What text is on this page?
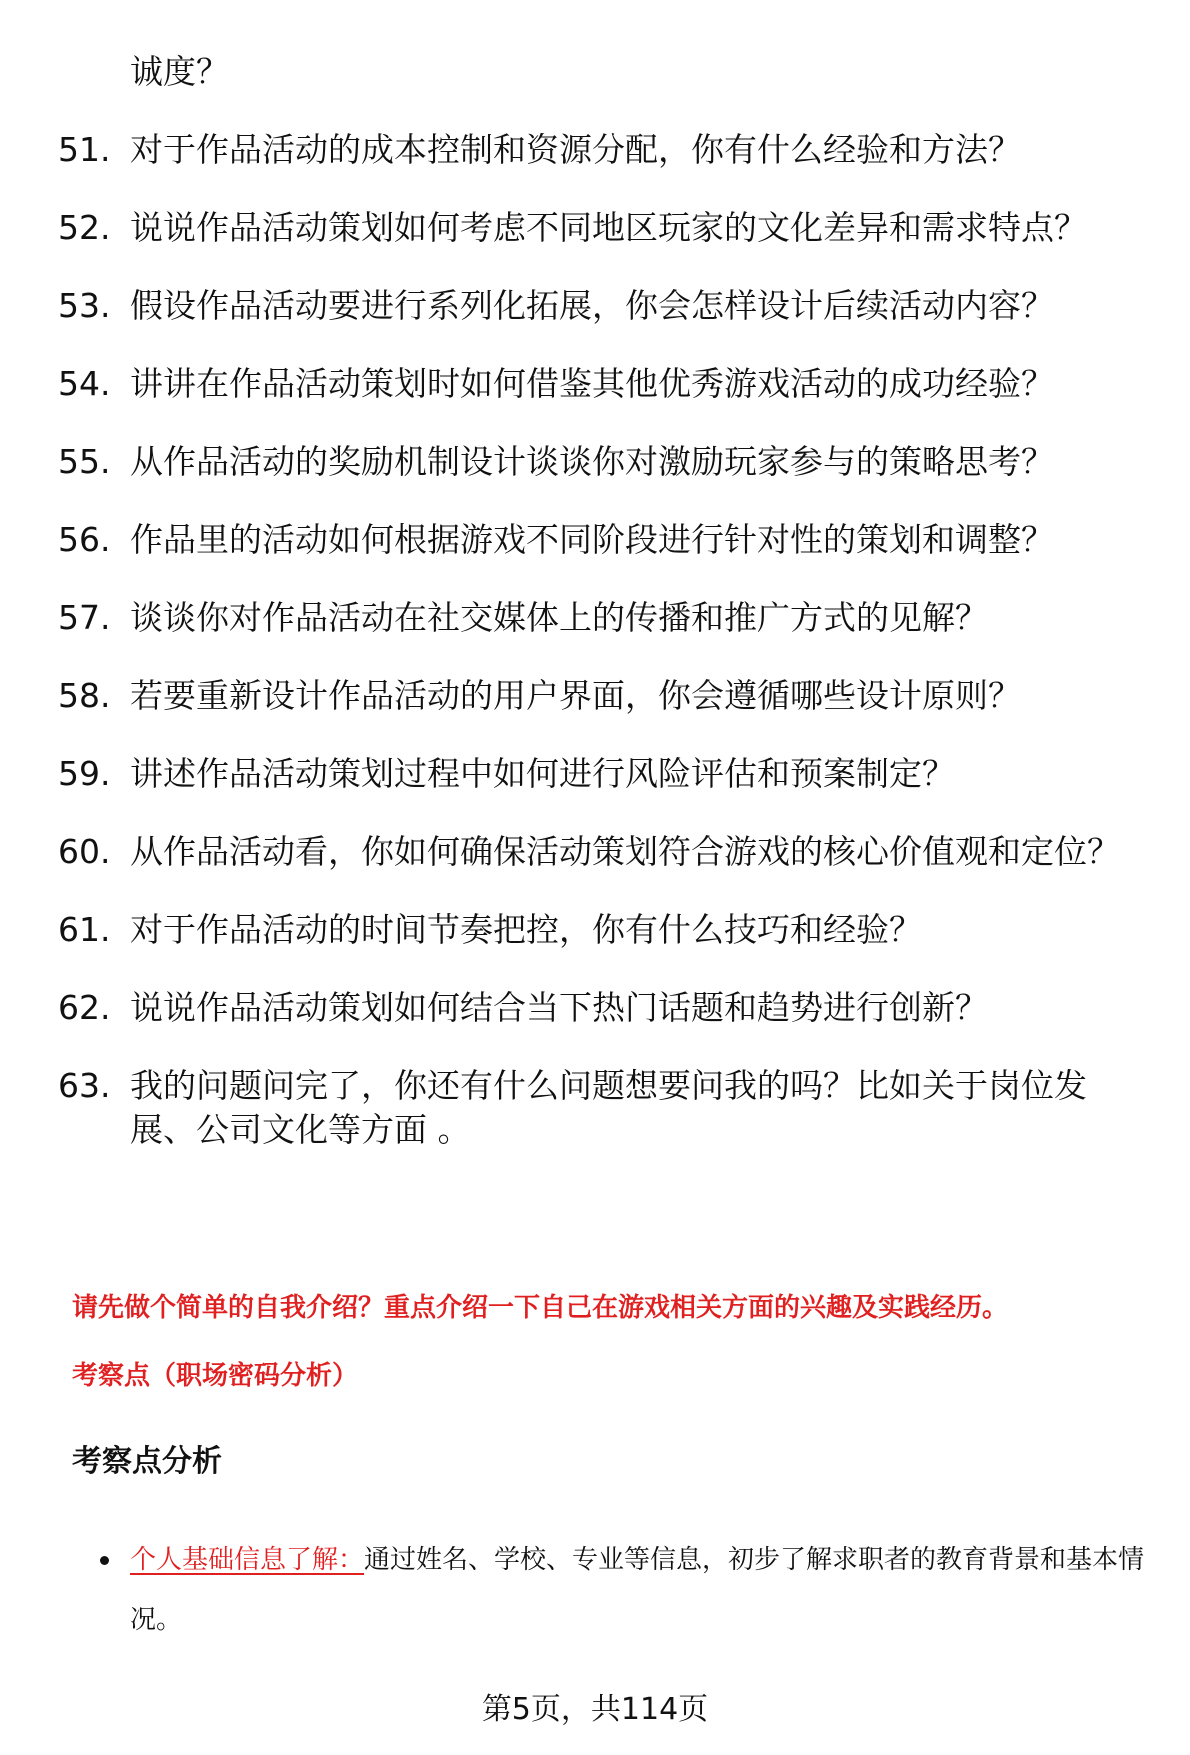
诚度？
51. 对于作品活动的成本控制和资源分配，你有什么经验和方法？
52. 说说作品活动策划如何考虑不同地区玩家的文化差异和需求特点？
53. 假设作品活动要进行系列化拓展，你会怎样设计后续活动内容？
54. 讲讲在作品活动策划时如何借鉴其他优秀游戏活动的成功经验？
55. 从作品活动的奖励机制设计谈谈你对激励玩家参与的策略思考？
56. 作品里的活动如何根据游戏不同阶段进行针对性的策划和调整？
57. 谈谈你对作品活动在社交媒体上的传播和推广方式的见解？
58. 若要重新设计作品活动的用户界面，你会遵循哪些设计原则？
59. 讲述作品活动策划过程中如何进行风险评估和预案制定？
60. 从作品活动看，你如何确保活动策划符合游戏的核心价值观和定位？
61. 对于作品活动的时间节奏把控，你有什么技巧和经验？
62. 说说作品活动策划如何结合当下热门话题和趋势进行创新？
63. 我的问题问完了，你还有什么问题想要问我的吗？比如关于岗位发展、公司文化等方面 。
请先做个简单的自我介绍？重点介绍一下自己在游戏相关方面的兴趣及实践经历。
考察点（职场密码分析）
考察点分析
个人基础信息了解：通过姓名、学校、专业等信息，初步了解求职者的教育背景和基本情况。
第5页，共114页
